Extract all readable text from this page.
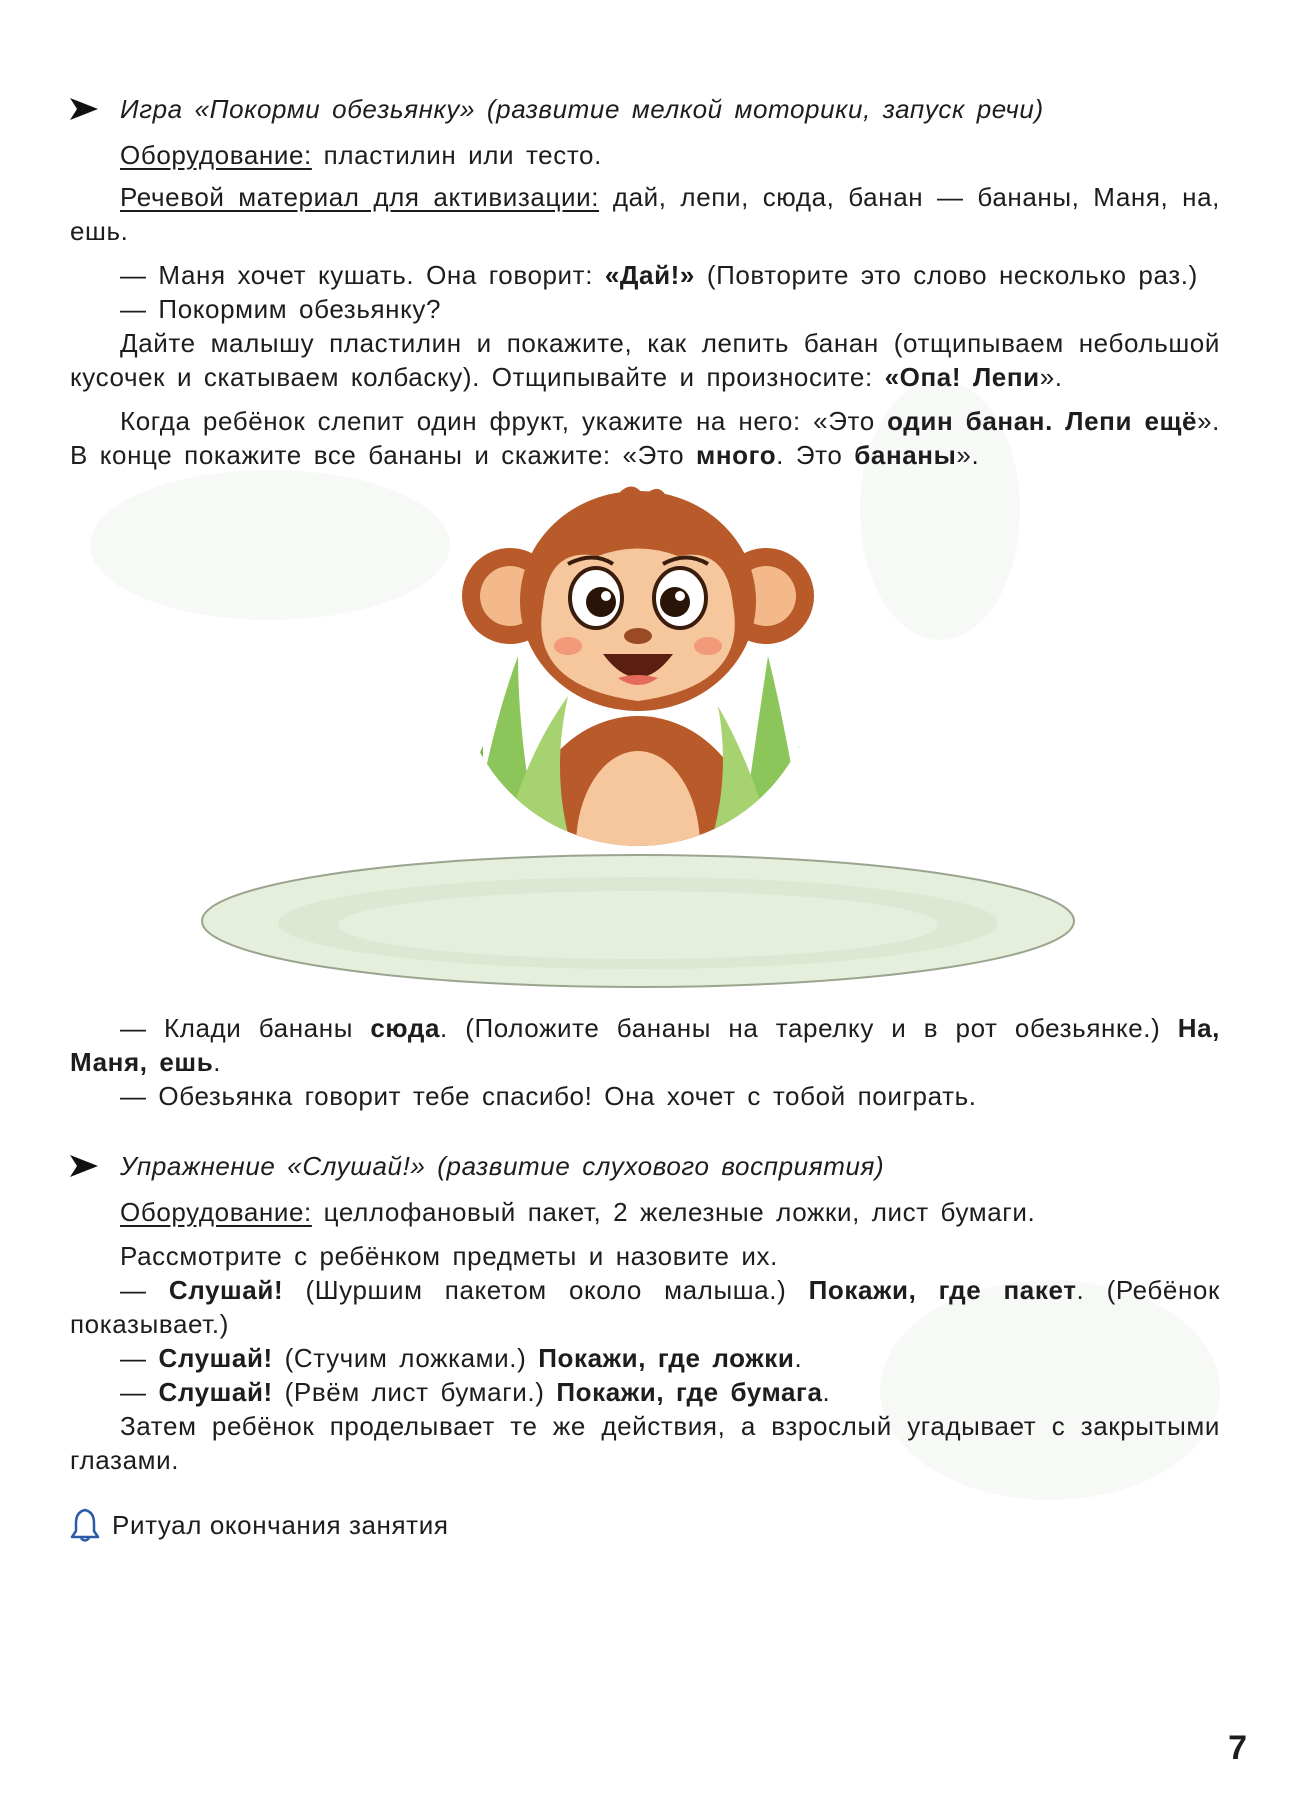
Игра «Покорми обезьянку» (развитие мелкой моторики, запуск речи)

Оборудование: пластилин или тесто.

Речевой материал для активизации: дай, лепи, сюда, банан — бананы, Маня, на, ешь.

— Маня хочет кушать. Она говорит: «Дай!» (Повторите это слово несколько раз.)

— Покормим обезьянку?

Дайте малышу пластилин и покажите, как лепить банан (отщипываем небольшой кусочек и скатываем колбаску). Отщипывайте и произносите: «Опа! Лепи».

Когда ребёнок слепит один фрукт, укажите на него: «Это один банан. Лепи ещё». В конце покажите все бананы и скажите: «Это много. Это бананы».

— Клади бананы сюда. (Положите бананы на тарелку и в рот обезьянке.) На, Маня, ешь.

— Обезьянка говорит тебе спасибо! Она хочет с тобой поиграть.

Упражнение «Слушай!» (развитие слухового восприятия)

Оборудование: целлофановый пакет, 2 железные ложки, лист бумаги.

Рассмотрите с ребёнком предметы и назовите их.

— Слушай! (Шуршим пакетом около малыша.) Покажи, где пакет. (Ребёнок показывает.)

— Слушай! (Стучим ложками.) Покажи, где ложки.

— Слушай! (Рвём лист бумаги.) Покажи, где бумага.

Затем ребёнок проделывает те же действия, а взрослый угадывает с закрытыми глазами.

Ритуал окончания занятия
7
